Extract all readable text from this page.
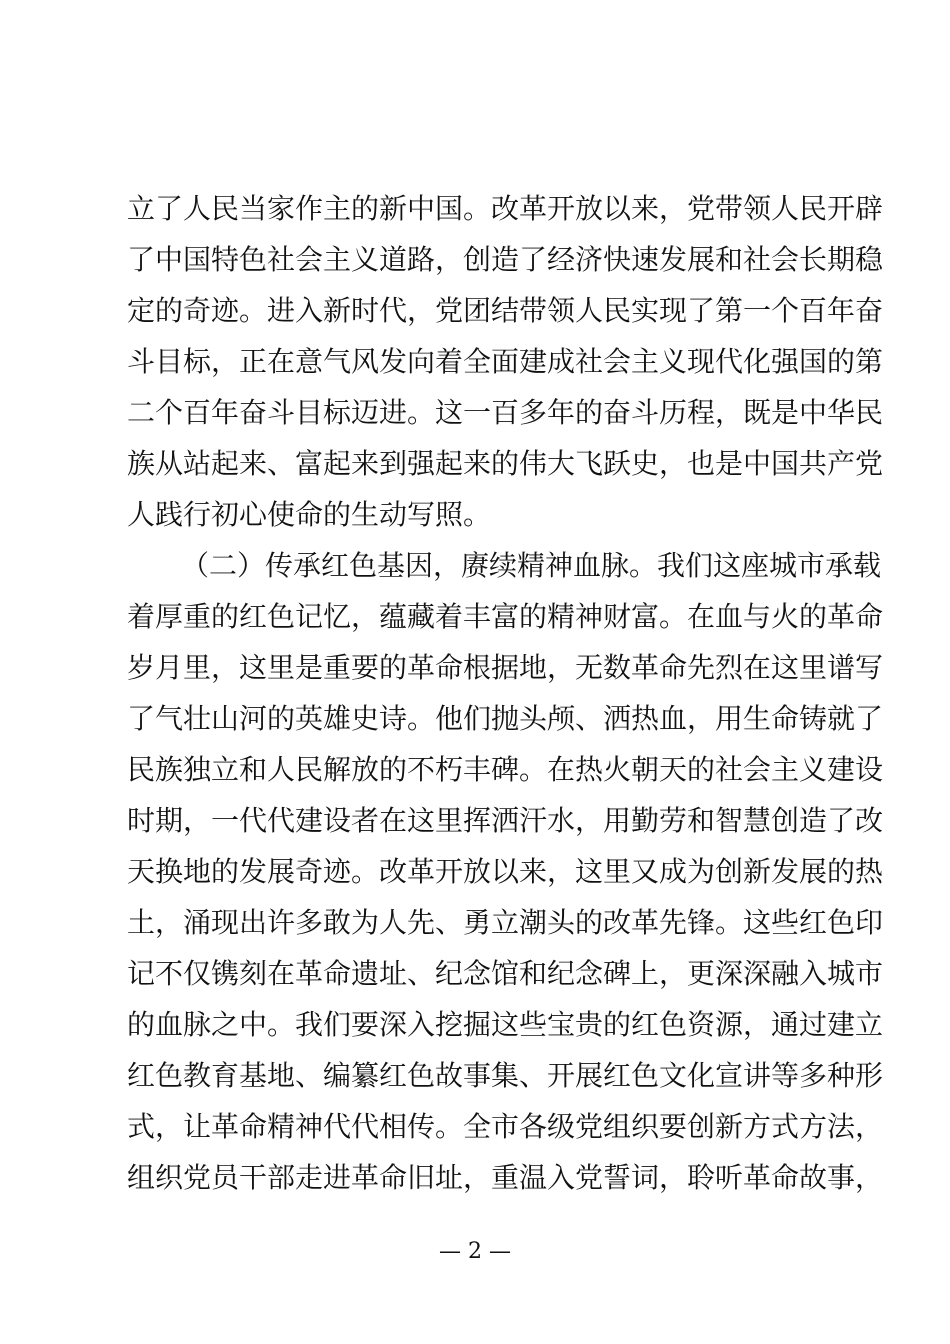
立了人民当家作主的新中国。改革开放以来，党带领人民开辟
了中国特色社会主义道路，创造了经济快速发展和社会长期稳
定的奇迹。进入新时代，党团结带领人民实现了第一个百年奋
斗目标，正在意气风发向着全面建成社会主义现代化强国的第
二个百年奋斗目标迈进。这一百多年的奋斗历程，既是中华民
族从站起来、富起来到强起来的伟大飞跃史，也是中国共产党
人践行初心使命的生动写照。
（二）传承红色基因，赓续精神血脉。我们这座城市承载
着厚重的红色记忆，蕴藏着丰富的精神财富。在血与火的革命
岁月里，这里是重要的革命根据地，无数革命先烈在这里谱写
了气壮山河的英雄史诗。他们抛头颅、洒热血，用生命铸就了
民族独立和人民解放的不朽丰碑。在热火朝天的社会主义建设
时期，一代代建设者在这里挥洒汗水，用勤劳和智慧创造了改
天换地的发展奇迹。改革开放以来，这里又成为创新发展的热
土，涌现出许多敢为人先、勇立潮头的改革先锋。这些红色印
记不仅镌刻在革命遗址、纪念馆和纪念碑上，更深深融入城市
的血脉之中。我们要深入挖掘这些宝贵的红色资源，通过建立
红色教育基地、编纂红色故事集、开展红色文化宣讲等多种形
式，让革命精神代代相传。全市各级党组织要创新方式方法，
组织党员干部走进革命旧址，重温入党誓词，聆听革命故事，
— 2 —
